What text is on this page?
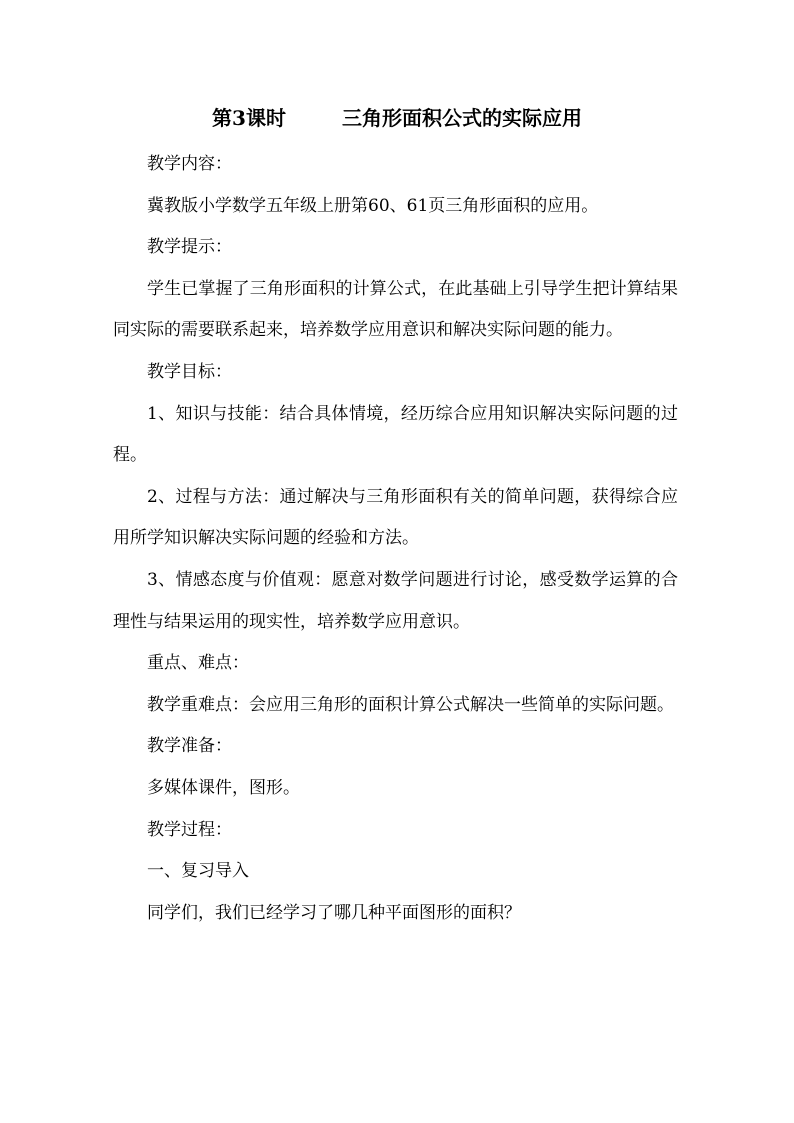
第3课时	三角形面积公式的实际应用

教学内容：

冀教版小学数学五年级上册第60、61页三角形面积的应用。

教学提示：

学生已掌握了三角形面积的计算公式，在此基础上引导学生把计算结果同实际的需要联系起来，培养数学应用意识和解决实际问题的能力。

教学目标：

1、知识与技能：结合具体情境，经历综合应用知识解决实际问题的过程。

2、过程与方法：通过解决与三角形面积有关的简单问题，获得综合应用所学知识解决实际问题的经验和方法。

3、情感态度与价值观：愿意对数学问题进行讨论，感受数学运算的合理性与结果运用的现实性，培养数学应用意识。

重点、难点：

教学重难点：会应用三角形的面积计算公式解决一些简单的实际问题。

教学准备：

多媒体课件，图形。

教学过程：

一、复习导入

同学们，我们已经学习了哪几种平面图形的面积？
